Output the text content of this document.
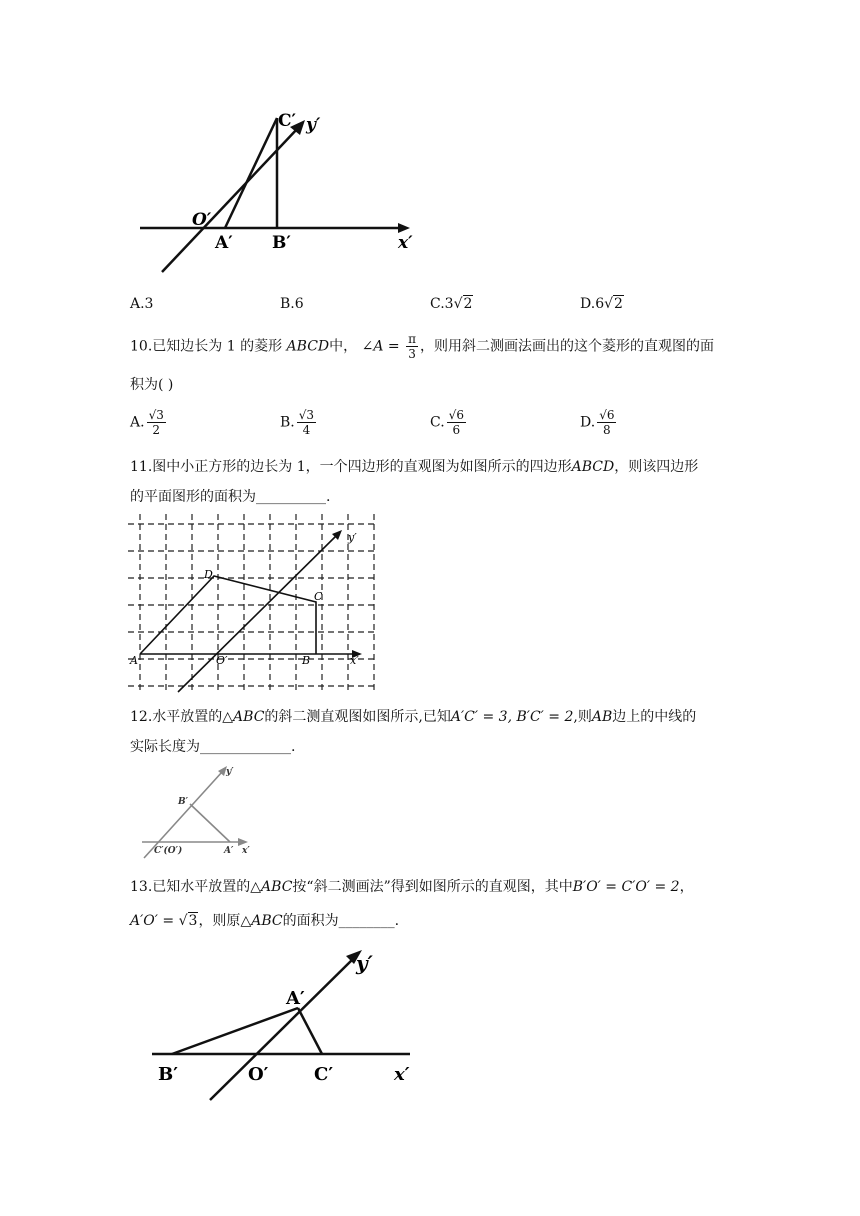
C′ y′
O′
A′ B′	x′
A.3	B.6	C.3√2	D.6√2
10.已知边长为 1 的菱形 ABCD中， ∠A = $\frac{\pi}{3}$ ，则用斜二测画法画出的这个菱形的直观图的面
积为( )
A. $\frac{√3}{2}$	B. $\frac{√3}{4}$	C. $\frac{√6}{6}$	D. $\frac{√6}{8}$
11.图中小正方形的边长为 1，一个四边形的直观图为如图所示的四边形ABCD，则该四边形
的平面图形的面积为__________.
y′
D
C
A	O′	B	x′
12.水平放置的△ABC的斜二测直观图如图所示,已知A′C′ = 3, B′C′ = 2,则AB边上的中线的
实际长度为_____________.
y′
B′
C′(O′)	A′ x′
13.已知水平放置的△ABC按“斜二测画法”得到如图所示的直观图，其中B′O′ = C′O′ = 2，
A′O′ = √3，则原△ABC的面积为________.
y′
A′
B′	O′	C′	x′
